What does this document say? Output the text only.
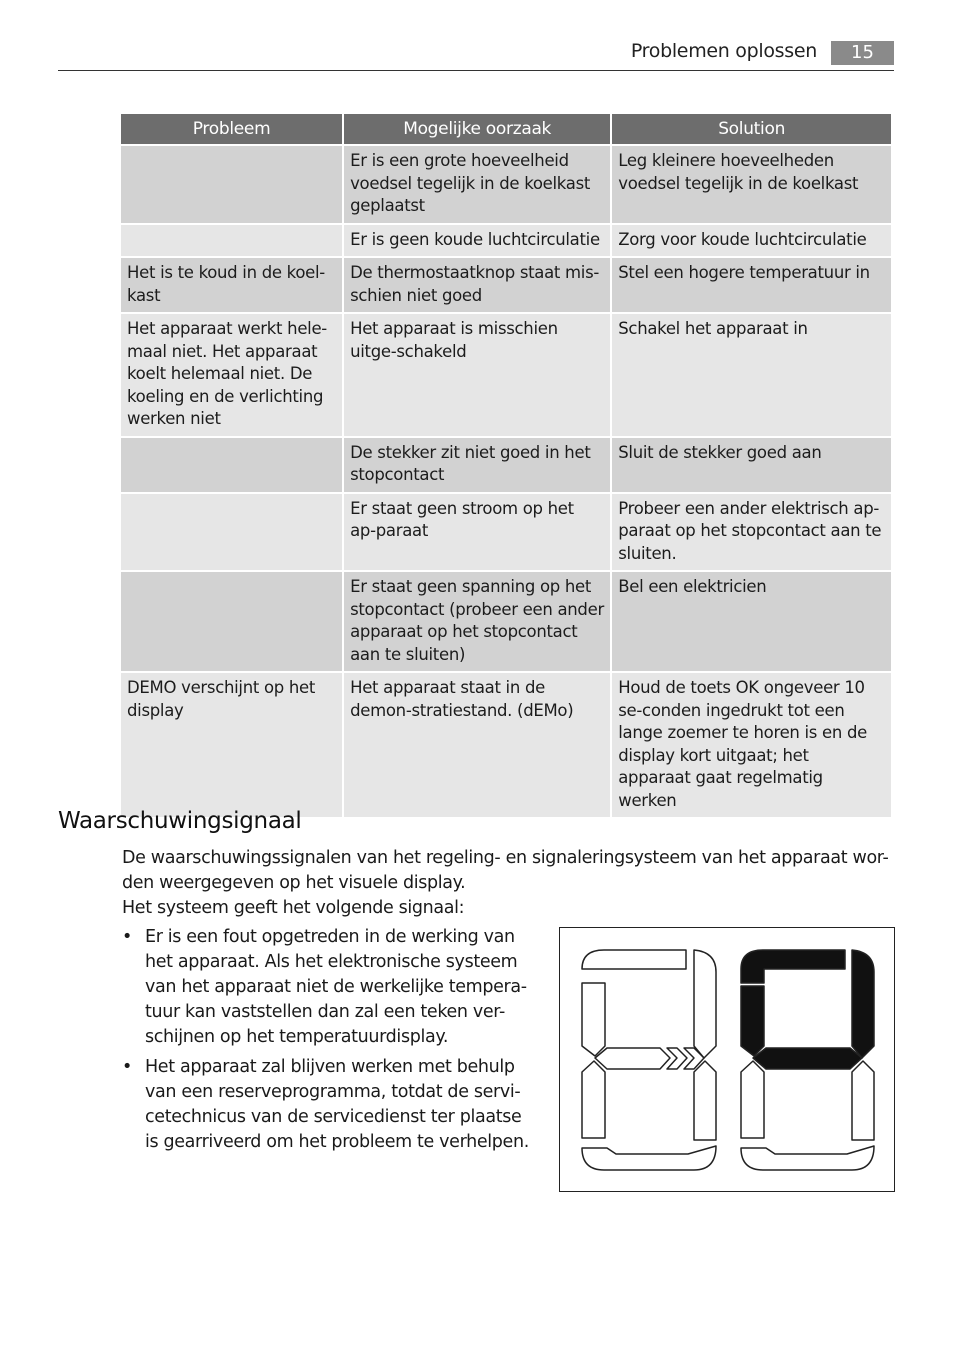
Problemen oplossen	15
Probleem	Mogelijke oorzaak	Solution
	Er is een grote hoeveelheid voedsel tegelijk in de koelkast geplaatst	Leg kleinere hoeveelheden voedsel tegelijk in de koelkast
	Er is geen koude luchtcirculatie	Zorg voor koude luchtcirculatie
Het is te koud in de koel-kast	De thermostaatknop staat mis-schien niet goed	Stel een hogere temperatuur in
Het apparaat werkt hele-maal niet. Het apparaat koelt helemaal niet. De koeling en de verlichting werken niet	Het apparaat is misschien uitge-schakeld	Schakel het apparaat in
	De stekker zit niet goed in het stopcontact	Sluit de stekker goed aan
	Er staat geen stroom op het ap-paraat	Probeer een ander elektrisch ap-paraat op het stopcontact aan te sluiten.
	Er staat geen spanning op het stopcontact (probeer een ander apparaat op het stopcontact aan te sluiten)	Bel een elektricien
DEMO verschijnt op het display	Het apparaat staat in de demon-stratiestand. (dEMo)	Houd de toets OK ongeveer 10 se-conden ingedrukt tot een lange zoemer te horen is en de display kort uitgaat; het apparaat gaat regelmatig werken
Waarschuwingsignaal
De waarschuwingssignalen van het regeling- en signaleringsysteem van het apparaat wor-den weergegeven op het visuele display.
Het systeem geeft het volgende signaal:
• Er is een fout opgetreden in de werking van het apparaat. Als het elektronische systeem van het apparaat niet de werkelijke tempera-tuur kan vaststellen dan zal een teken ver-schijnen op het temperatuurdisplay.
• Het apparaat zal blijven werken met behulp van een reserveprogramma, totdat de servi-cetechnicus van de servicedienst ter plaatse is gearriveerd om het probleem te verhelpen.
